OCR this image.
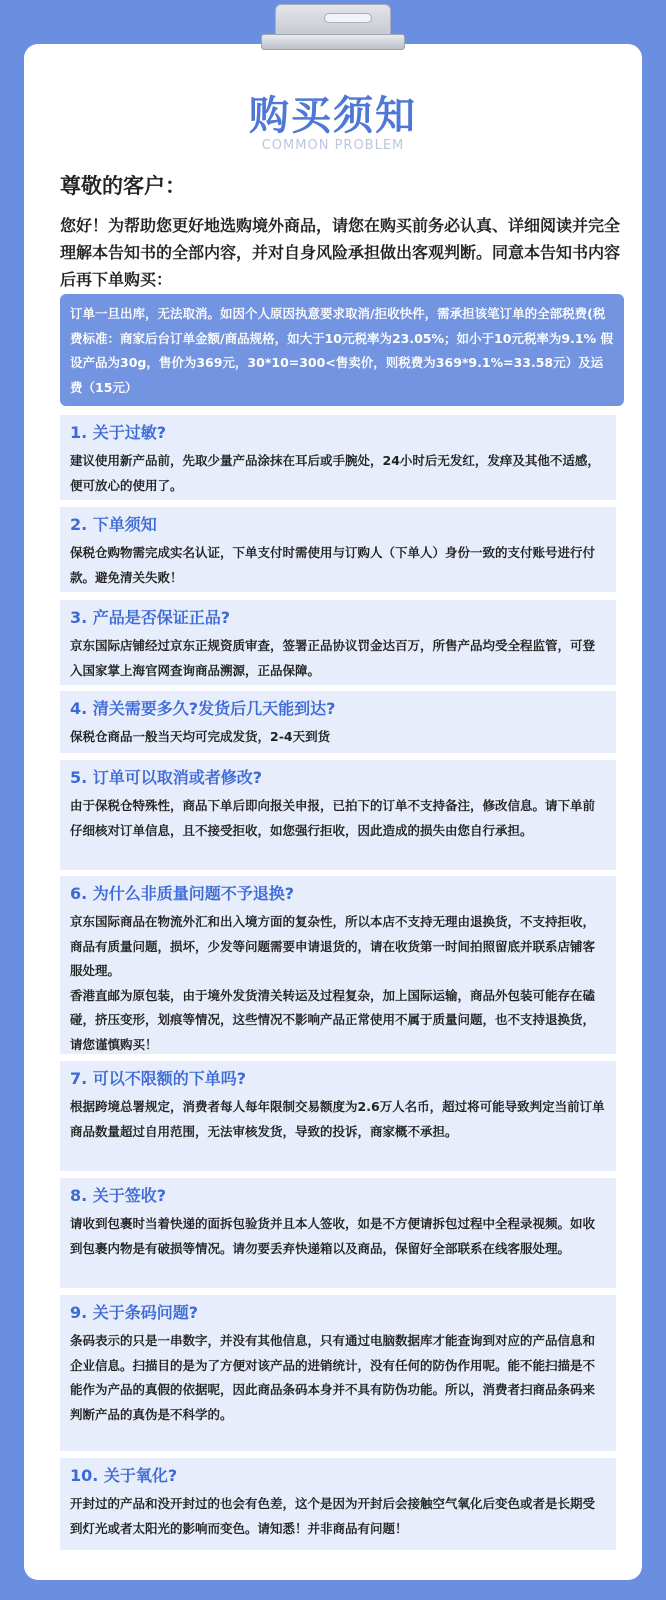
购买须知
COMMON PROBLEM
尊敬的客户：
您好！为帮助您更好地选购境外商品，请您在购买前务必认真、详细阅读并完全理解本告知书的全部内容，并对自身风险承担做出客观判断。同意本告知书内容后再下单购买：
订单一旦出库，无法取消。如因个人原因执意要求取消/拒收快件，需承担该笔订单的全部税费(税费标准：商家后台订单金额/商品规格，如大于10元税率为23.05%；如小于10元税率为9.1% 假设产品为30g，售价为369元，30*10=300<售卖价，则税费为369*9.1%=33.58元）及运费（15元）
1. 关于过敏?

建议使用新产品前，先取少量产品涂抹在耳后或手腕处，24小时后无发红，发痒及其他不适感，便可放心的使用了。

2. 下单须知

保税仓购物需完成实名认证，下单支付时需使用与订购人（下单人）身份一致的支付账号进行付款。避免清关失败！

3. 产品是否保证正品?

京东国际店铺经过京东正规资质审查，签署正品协议罚金达百万，所售产品均受全程监管，可登入国家掌上海官网查询商品溯源，正品保障。

4. 清关需要多久?发货后几天能到达?

保税仓商品一般当天均可完成发货，2-4天到货

5. 订单可以取消或者修改?

由于保税仓特殊性，商品下单后即向报关申报，已拍下的订单不支持备注，修改信息。请下单前仔细核对订单信息，且不接受拒收，如您强行拒收，因此造成的损失由您自行承担。

6. 为什么非质量问题不予退换?

京东国际商品在物流外汇和出入境方面的复杂性，所以本店不支持无理由退换货，不支持拒收，商品有质量问题，损坏，少发等问题需要申请退货的，请在收货第一时间拍照留底并联系店铺客服处理。

香港直邮为原包装，由于境外发货清关转运及过程复杂，加上国际运输，商品外包装可能存在磕碰，挤压变形，划痕等情况，这些情况不影响产品正常使用不属于质量问题，也不支持退换货，请您谨慎购买！

7. 可以不限额的下单吗?

根据跨境总署规定，消费者每人每年限制交易额度为2.6万人名币，超过将可能导致判定当前订单商品数量超过自用范围，无法审核发货，导致的投诉，商家概不承担。

8. 关于签收?

请收到包裹时当着快递的面拆包验货并且本人签收，如是不方便请拆包过程中全程录视频。如收到包裹内物是有破损等情况。请勿要丢弃快递箱以及商品，保留好全部联系在线客服处理。

9. 关于条码问题?

条码表示的只是一串数字，并没有其他信息，只有通过电脑数据库才能查询到对应的产品信息和企业信息。扫描目的是为了方便对该产品的进销统计，没有任何的防伪作用呢。能不能扫描是不能作为产品的真假的依据呢，因此商品条码本身并不具有防伪功能。所以，消费者扫商品条码来判断产品的真伪是不科学的。

10. 关于氧化?

开封过的产品和没开封过的也会有色差，这个是因为开封后会接触空气氧化后变色或者是长期受到灯光或者太阳光的影响而变色。请知悉！并非商品有问题！
